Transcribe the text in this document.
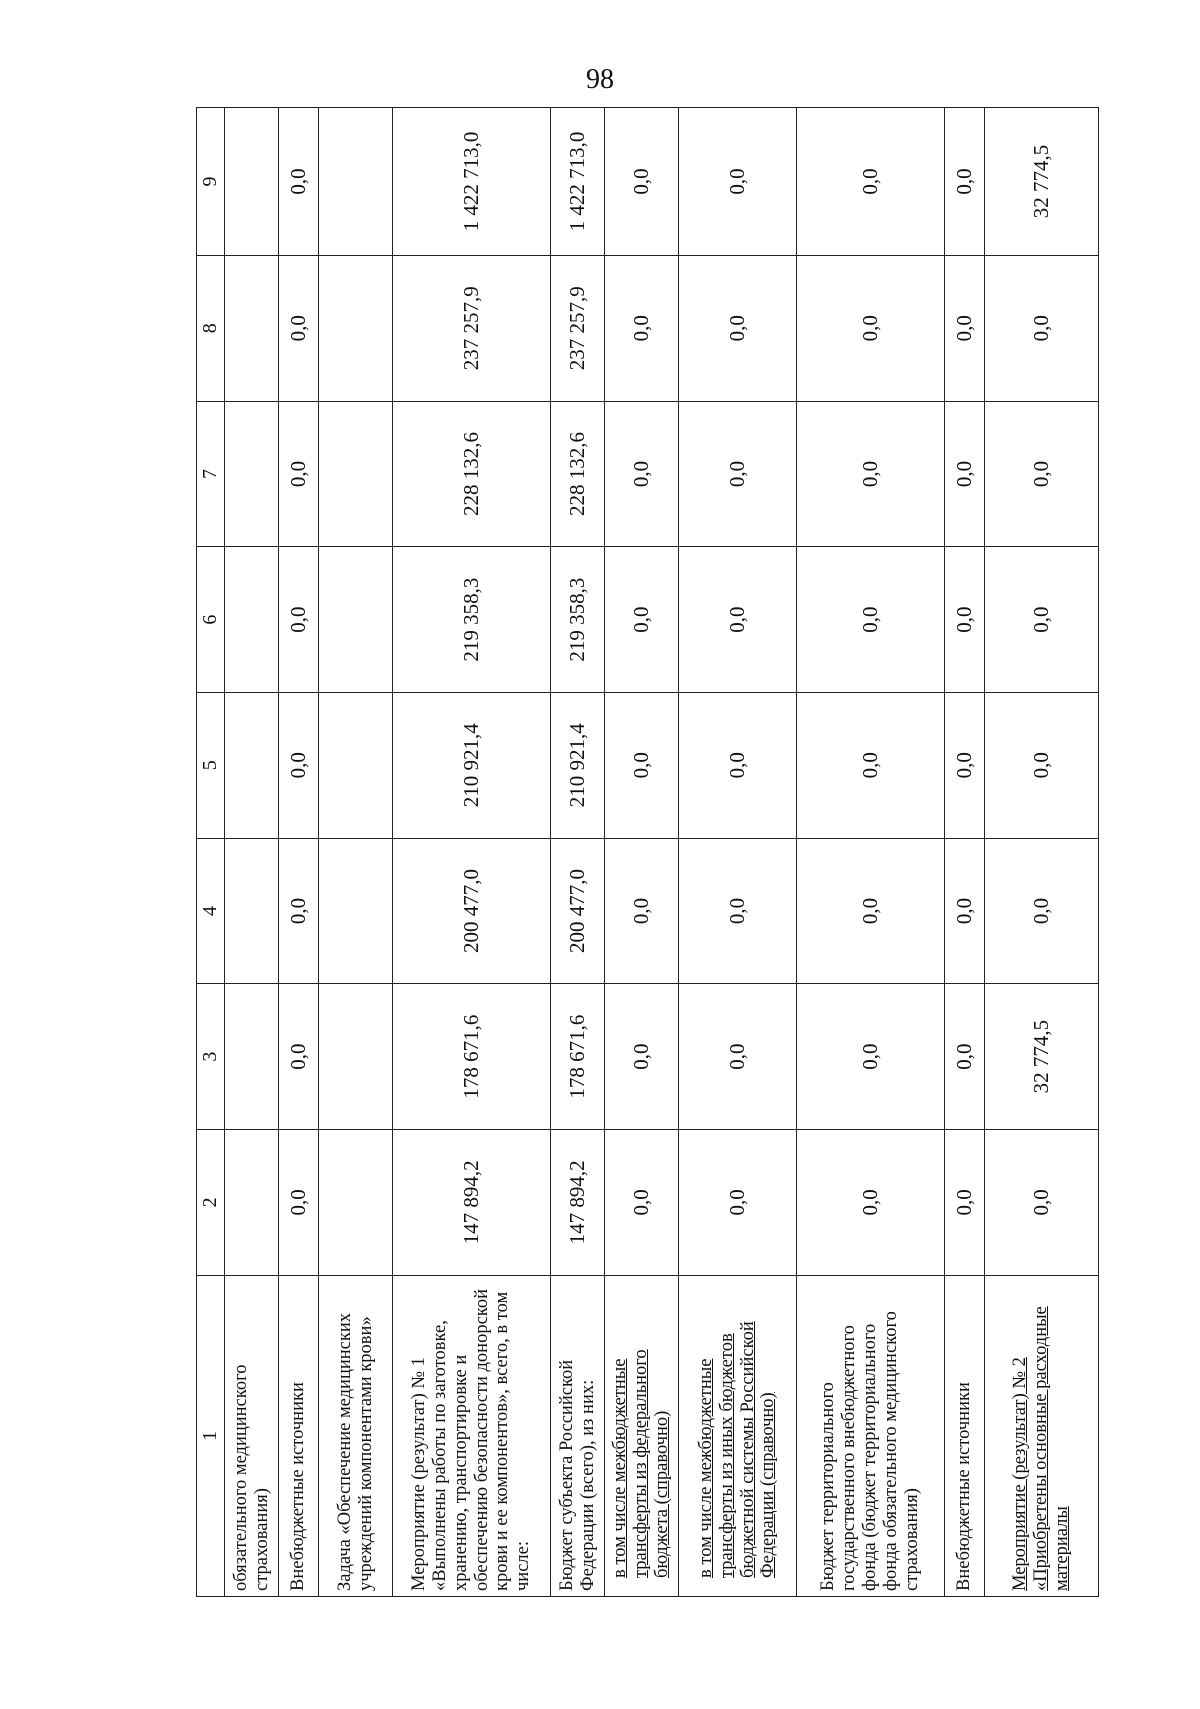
98
1	2	3	4	5	6	7	8	9
обязательного медицинского страхования)								
Внебюджетные источники	0,0	0,0	0,0	0,0	0,0	0,0	0,0	0,0
Задача «Обеспечение медицинских учреждений компонентами крови»								
Мероприятие (результат) № 1 «Выполнены работы по заготовке, хранению, транспортировке и обеспечению безопасности донорской крови и ее компонентов», всего, в том числе:	147 894,2	178 671,6	200 477,0	210 921,4	219 358,3	228 132,6	237 257,9	1 422 713,0
Бюджет субъекта Российской Федерации (всего), из них:	147 894,2	178 671,6	200 477,0	210 921,4	219 358,3	228 132,6	237 257,9	1 422 713,0
в том числе межбюджетные трансферты из федерального бюджета (справочно)	0,0	0,0	0,0	0,0	0,0	0,0	0,0	0,0
в том числе межбюджетные трансферты из иных бюджетов бюджетной системы Российской Федерации (справочно)	0,0	0,0	0,0	0,0	0,0	0,0	0,0	0,0
Бюджет территориального государственного внебюджетного фонда (бюджет территориального фонда обязательного медицинского страхования)	0,0	0,0	0,0	0,0	0,0	0,0	0,0	0,0
Внебюджетные источники	0,0	0,0	0,0	0,0	0,0	0,0	0,0	0,0
Мероприятие (результат) № 2 «Приобретены основные расходные материалы	0,0	32 774,5	0,0	0,0	0,0	0,0	0,0	32 774,5
